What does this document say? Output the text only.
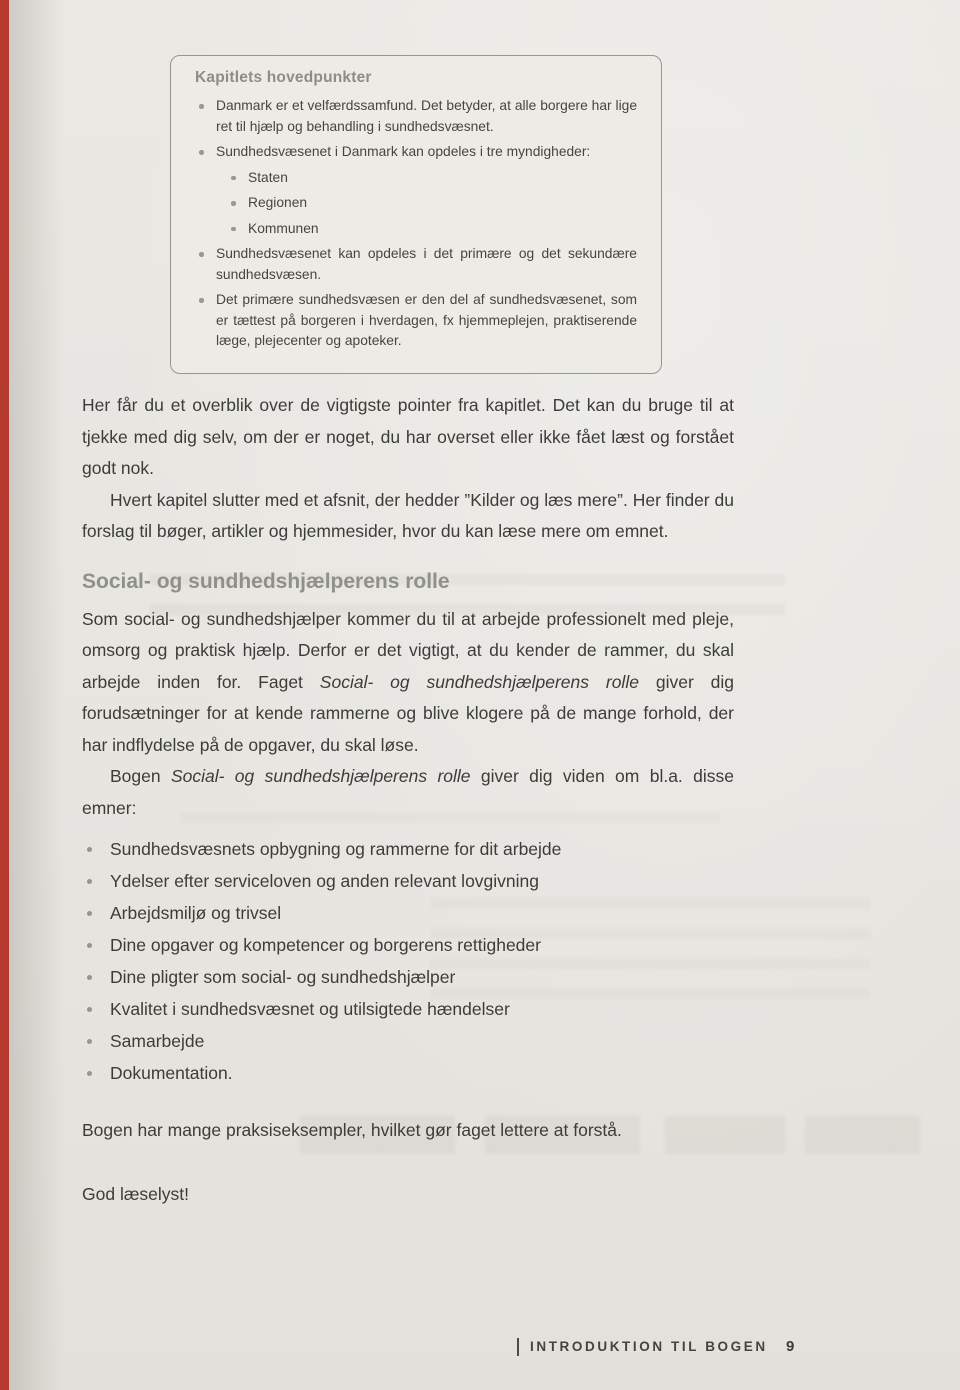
Kapitlets hovedpunkter
Danmark er et velfærdssamfund. Det betyder, at alle borgere har lige ret til hjælp og behandling i sundhedsvæsnet.
Sundhedsvæsenet i Danmark kan opdeles i tre myndigheder:
Staten
Regionen
Kommunen
Sundhedsvæsenet kan opdeles i det primære og det sekundære sundhedsvæsen.
Det primære sundhedsvæsen er den del af sundhedsvæsenet, som er tættest på borgeren i hverdagen, fx hjemmeplejen, praktiserende læge, plejecenter og apoteker.

Her får du et overblik over de vigtigste pointer fra kapitlet. Det kan du bruge til at tjekke med dig selv, om der er noget, du har overset eller ikke fået læst og forstået godt nok.

Hvert kapitel slutter med et afsnit, der hedder ”Kilder og læs mere”. Her finder du forslag til bøger, artikler og hjemmesider, hvor du kan læse mere om emnet.

Social- og sundhedshjælperens rolle

Som social- og sundhedshjælper kommer du til at arbejde professionelt med pleje, omsorg og praktisk hjælp. Derfor er det vigtigt, at du kender de rammer, du skal arbejde inden for. Faget Social- og sundhedshjælperens rolle giver dig forudsætninger for at kende rammerne og blive klogere på de mange forhold, der har indflydelse på de opgaver, du skal løse.

Bogen Social- og sundhedshjælperens rolle giver dig viden om bl.a. disse emner:

Sundhedsvæsnets opbygning og rammerne for dit arbejde
Ydelser efter serviceloven og anden relevant lovgivning
Arbejdsmiljø og trivsel
Dine opgaver og kompetencer og borgerens rettigheder
Dine pligter som social- og sundhedshjælper
Kvalitet i sundhedsvæsnet og utilsigtede hændelser
Samarbejde
Dokumentation.

Bogen har mange praksiseksempler, hvilket gør faget lettere at forstå.

God læselyst!

INTRODUKTION TIL BOGEN 9
